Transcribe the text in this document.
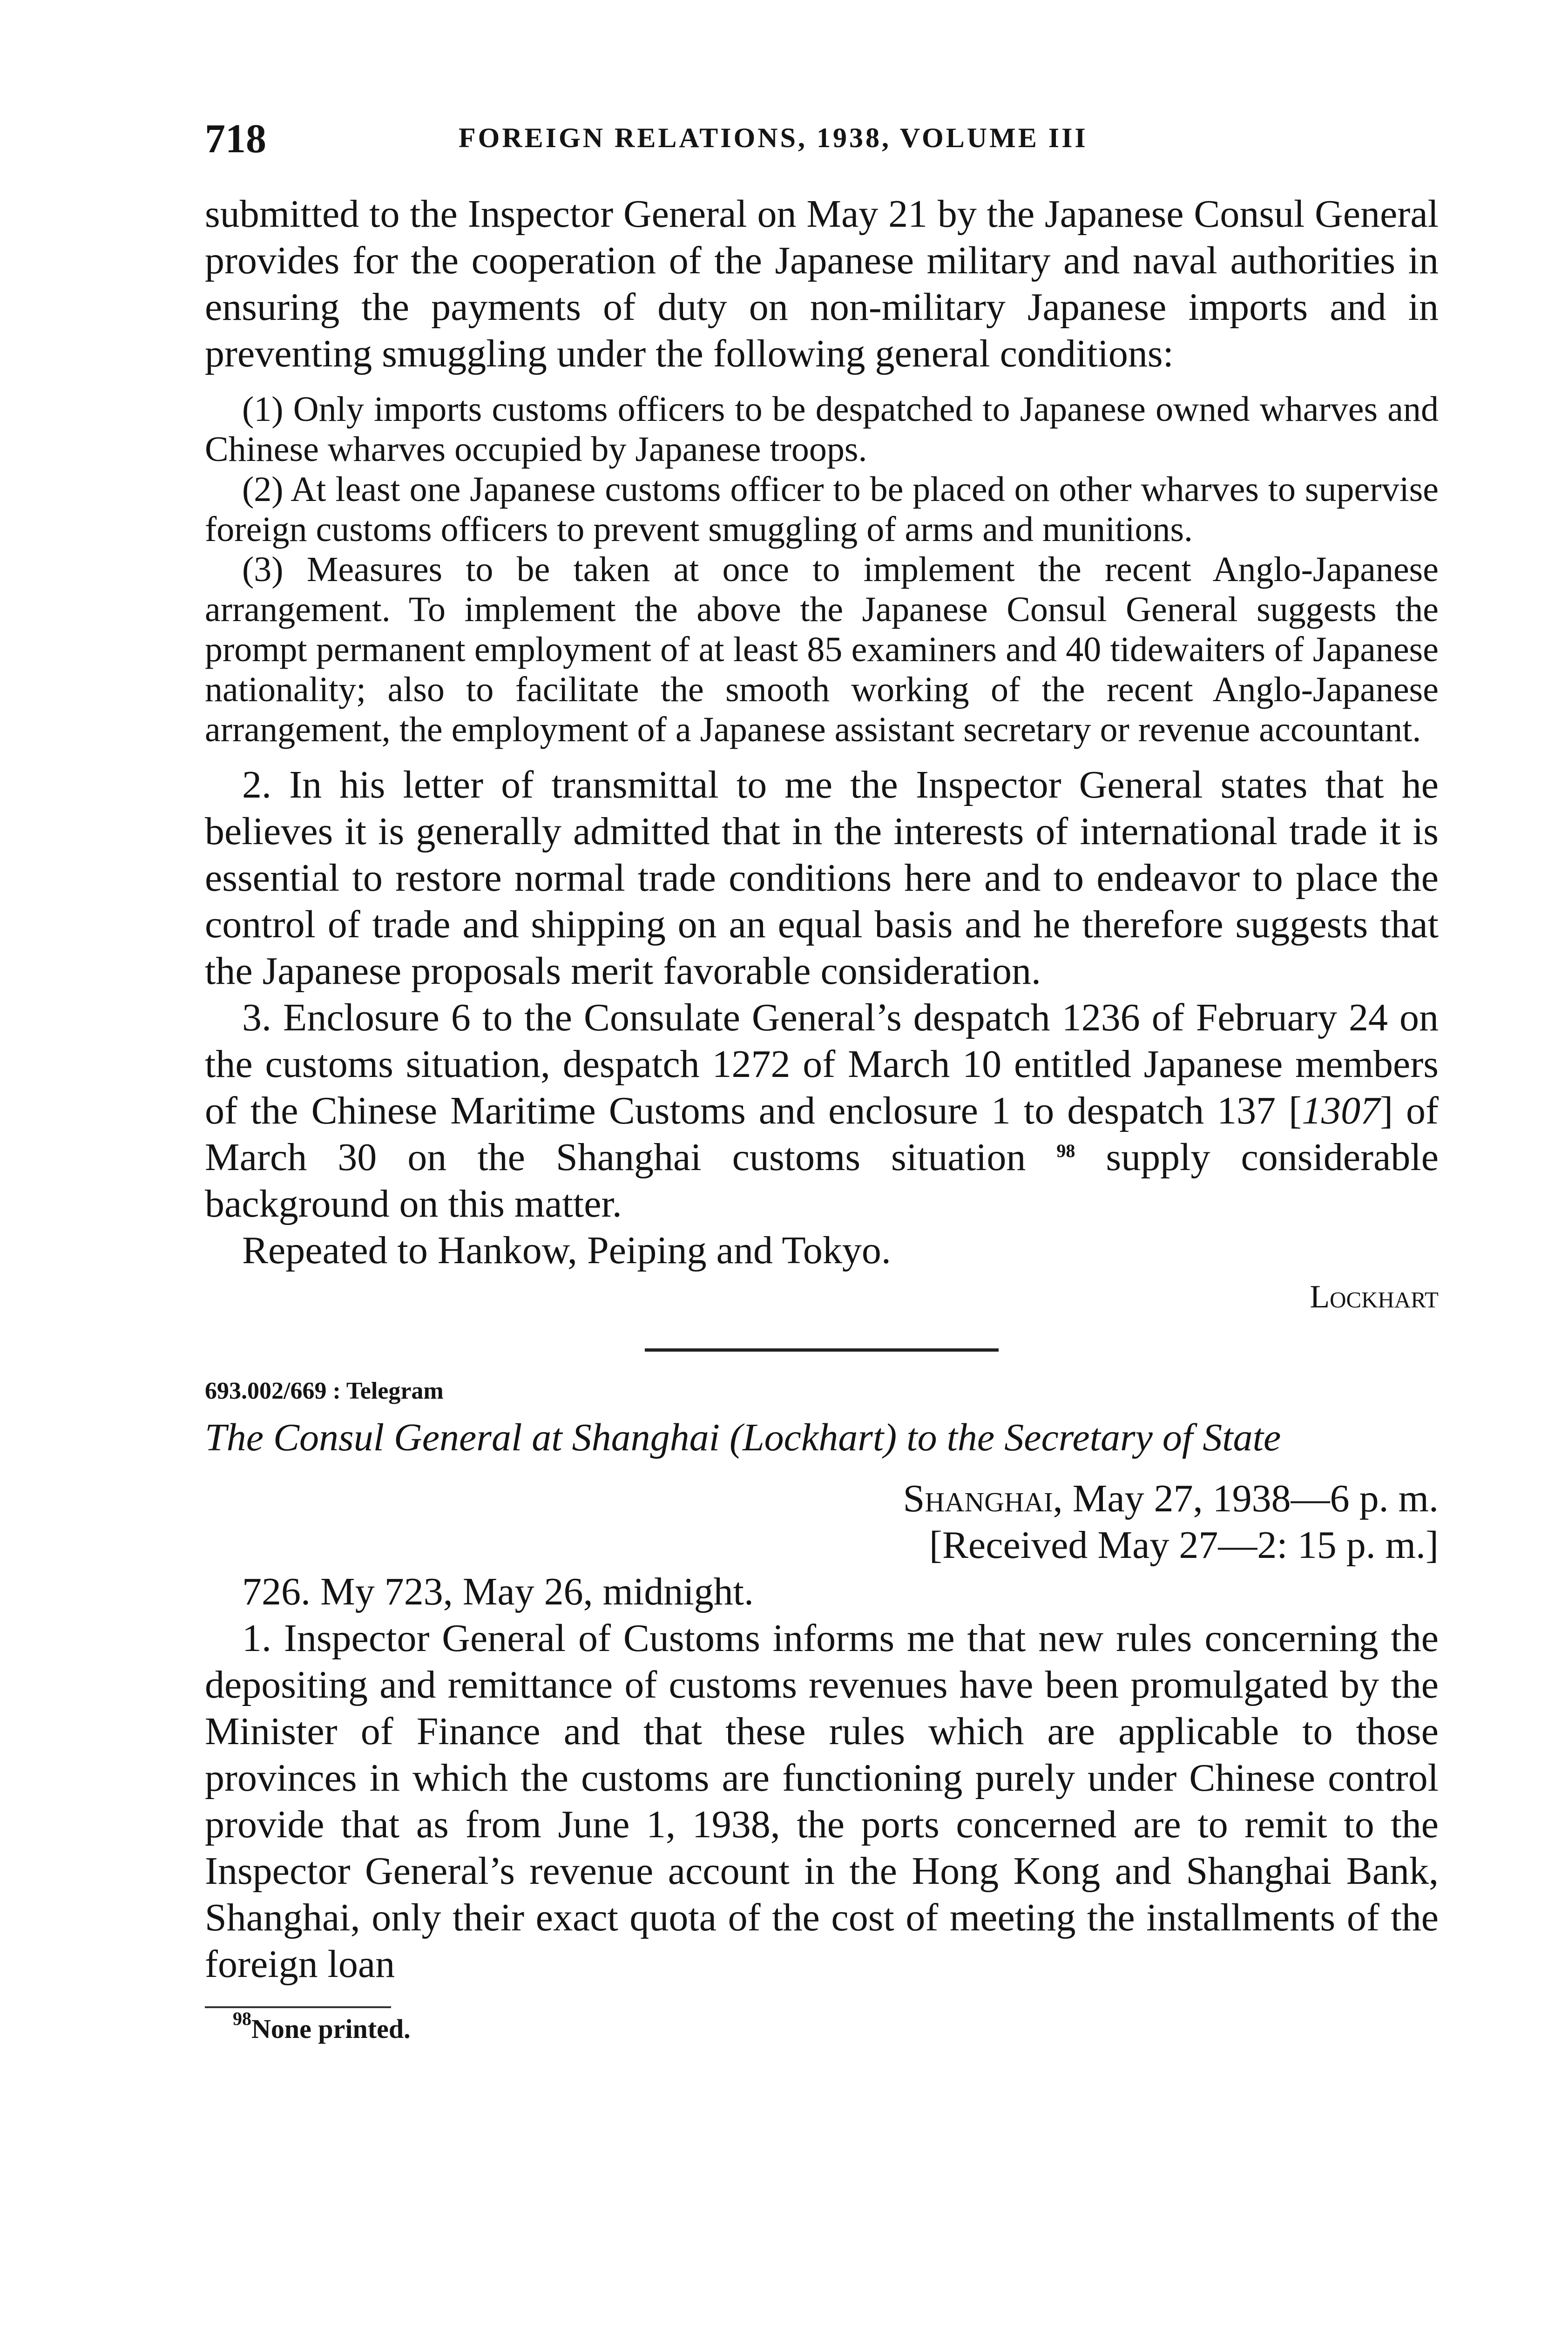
718	FOREIGN RELATIONS, 1938, VOLUME III

submitted to the Inspector General on May 21 by the Japanese Consul General provides for the cooperation of the Japanese military and naval authorities in ensuring the payments of duty on non-military Japanese imports and in preventing smuggling under the following general conditions:

(1) Only imports customs officers to be despatched to Japanese owned wharves and Chinese wharves occupied by Japanese troops.

(2) At least one Japanese customs officer to be placed on other wharves to supervise foreign customs officers to prevent smuggling of arms and munitions.

(3) Measures to be taken at once to implement the recent Anglo-Japanese arrangement. To implement the above the Japanese Consul General suggests the prompt permanent employment of at least 85 examiners and 40 tidewaiters of Japanese nationality; also to facilitate the smooth working of the recent Anglo-Japanese arrangement, the employment of a Japanese assistant secretary or revenue accountant.

2. In his letter of transmittal to me the Inspector General states that he believes it is generally admitted that in the interests of international trade it is essential to restore normal trade conditions here and to endeavor to place the control of trade and shipping on an equal basis and he therefore suggests that the Japanese proposals merit favorable consideration.

3. Enclosure 6 to the Consulate General’s despatch 1236 of February 24 on the customs situation, despatch 1272 of March 10 entitled Japanese members of the Chinese Maritime Customs and enclosure 1 to despatch 137 [1307] of March 30 on the Shanghai customs situation $^{98}$ supply considerable background on this matter.

Repeated to Hankow, Peiping and Tokyo.

Lockhart
693.002/669 : Telegram
The Consul General at Shanghai (Lockhart) to the Secretary of State
Shanghai, May 27, 1938—6 p. m.
[Received May 27—2: 15 p. m.]

726. My 723, May 26, midnight.

1. Inspector General of Customs informs me that new rules concerning the depositing and remittance of customs revenues have been promulgated by the Minister of Finance and that these rules which are applicable to those provinces in which the customs are functioning purely under Chinese control provide that as from June 1, 1938, the ports concerned are to remit to the Inspector General’s revenue account in the Hong Kong and Shanghai Bank, Shanghai, only their exact quota of the cost of meeting the installments of the foreign loan

$^{98}$None printed.
